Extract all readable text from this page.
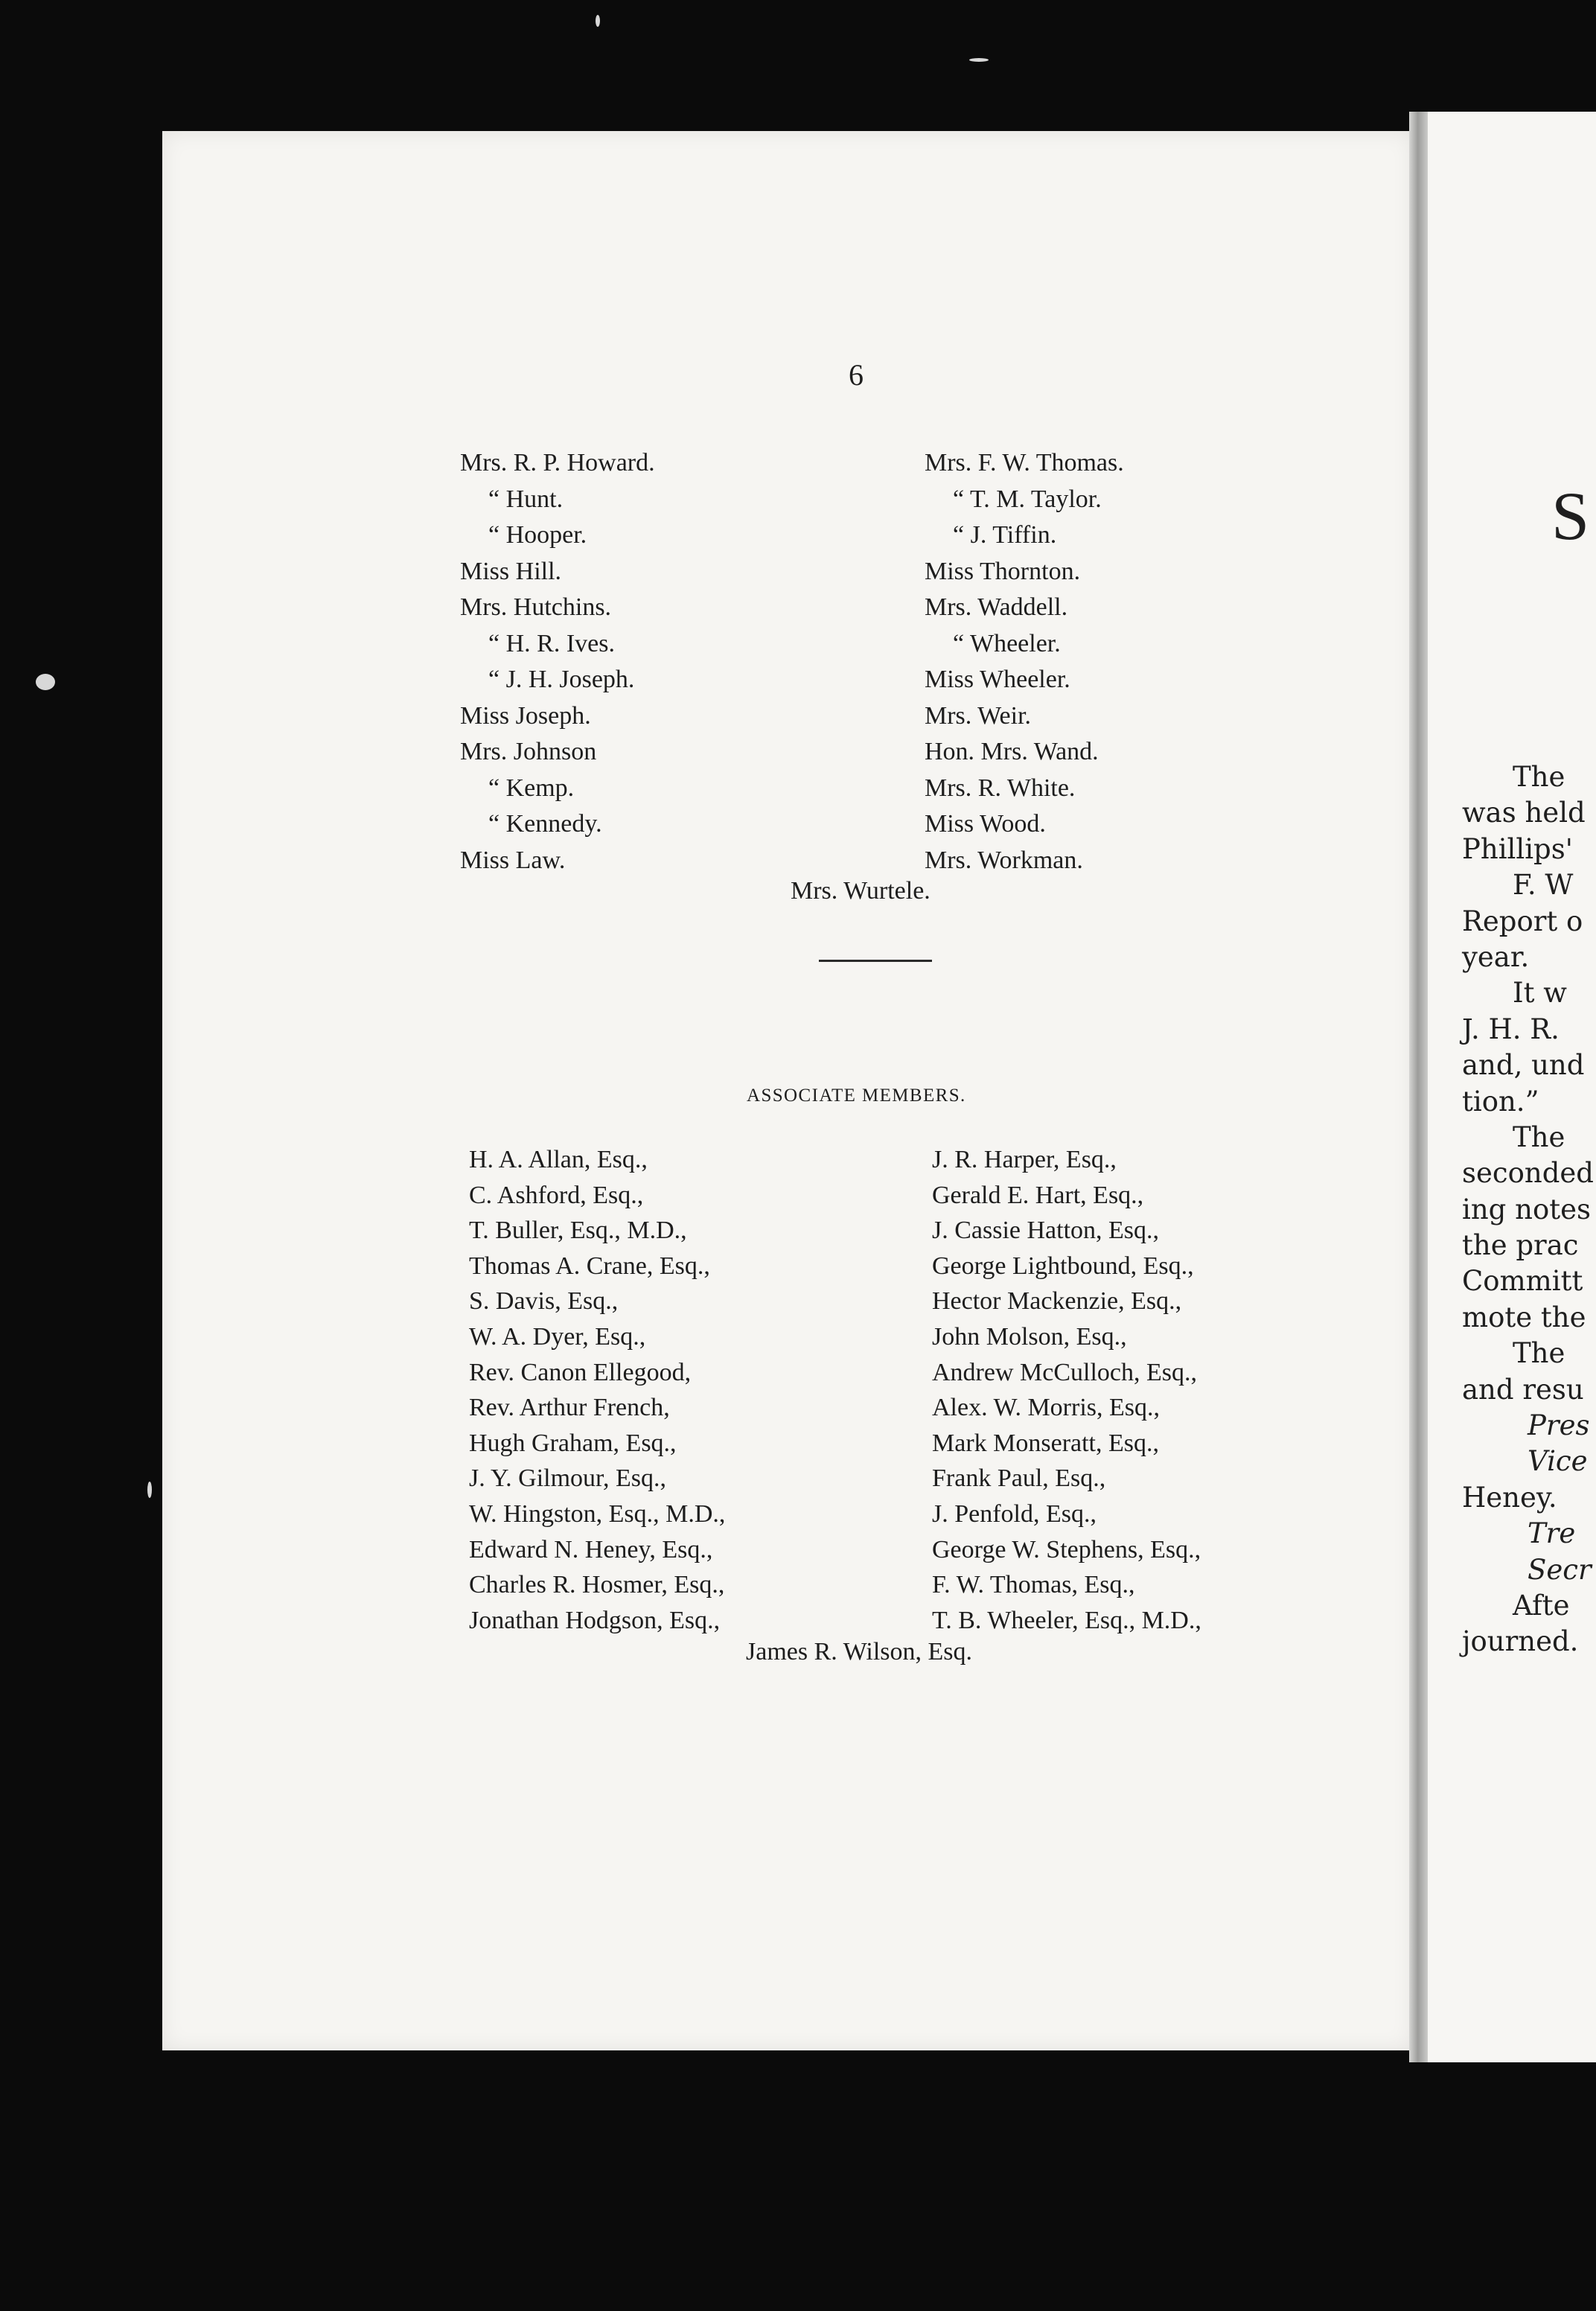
6
Mrs. R. P. Howard.
“ Hunt.
“ Hooper.
Miss Hill.
Mrs. Hutchins.
“ H. R. Ives.
“ J. H. Joseph.
Miss Joseph.
Mrs. Johnson
“ Kemp.
“ Kennedy.
Miss Law.
Mrs. F. W. Thomas.
“ T. M. Taylor.
“ J. Tiffin.
Miss Thornton.
Mrs. Waddell.
“ Wheeler.
Miss Wheeler.
Mrs. Weir.
Hon. Mrs. Wand.
Mrs. R. White.
Miss Wood.
Mrs. Workman.
Mrs. Wurtele.
ASSOCIATE MEMBERS.
H. A. Allan, Esq.,
C. Ashford, Esq.,
T. Buller, Esq., M.D.,
Thomas A. Crane, Esq.,
S. Davis, Esq.,
W. A. Dyer, Esq.,
Rev. Canon Ellegood,
Rev. Arthur French,
Hugh Graham, Esq.,
J. Y. Gilmour, Esq.,
W. Hingston, Esq., M.D.,
Edward N. Heney, Esq.,
Charles R. Hosmer, Esq.,
Jonathan Hodgson, Esq.,
J. R. Harper, Esq.,
Gerald E. Hart, Esq.,
J. Cassie Hatton, Esq.,
George Lightbound, Esq.,
Hector Mackenzie, Esq.,
John Molson, Esq.,
Andrew McCulloch, Esq.,
Alex. W. Morris, Esq.,
Mark Monseratt, Esq.,
Frank Paul, Esq.,
J. Penfold, Esq.,
George W. Stephens, Esq.,
F. W. Thomas, Esq.,
T. B. Wheeler, Esq., M.D.,
James R. Wilson, Esq.
S
The
was held
Phillips'
F. W
Report o
year.
It w
J. H. R.
and, und
tion.”
The
seconded
ing notes
the prac
Committ
mote the
The
and resu
Pres
Vice
Heney.
Tre
Secr
Afte
journed.
